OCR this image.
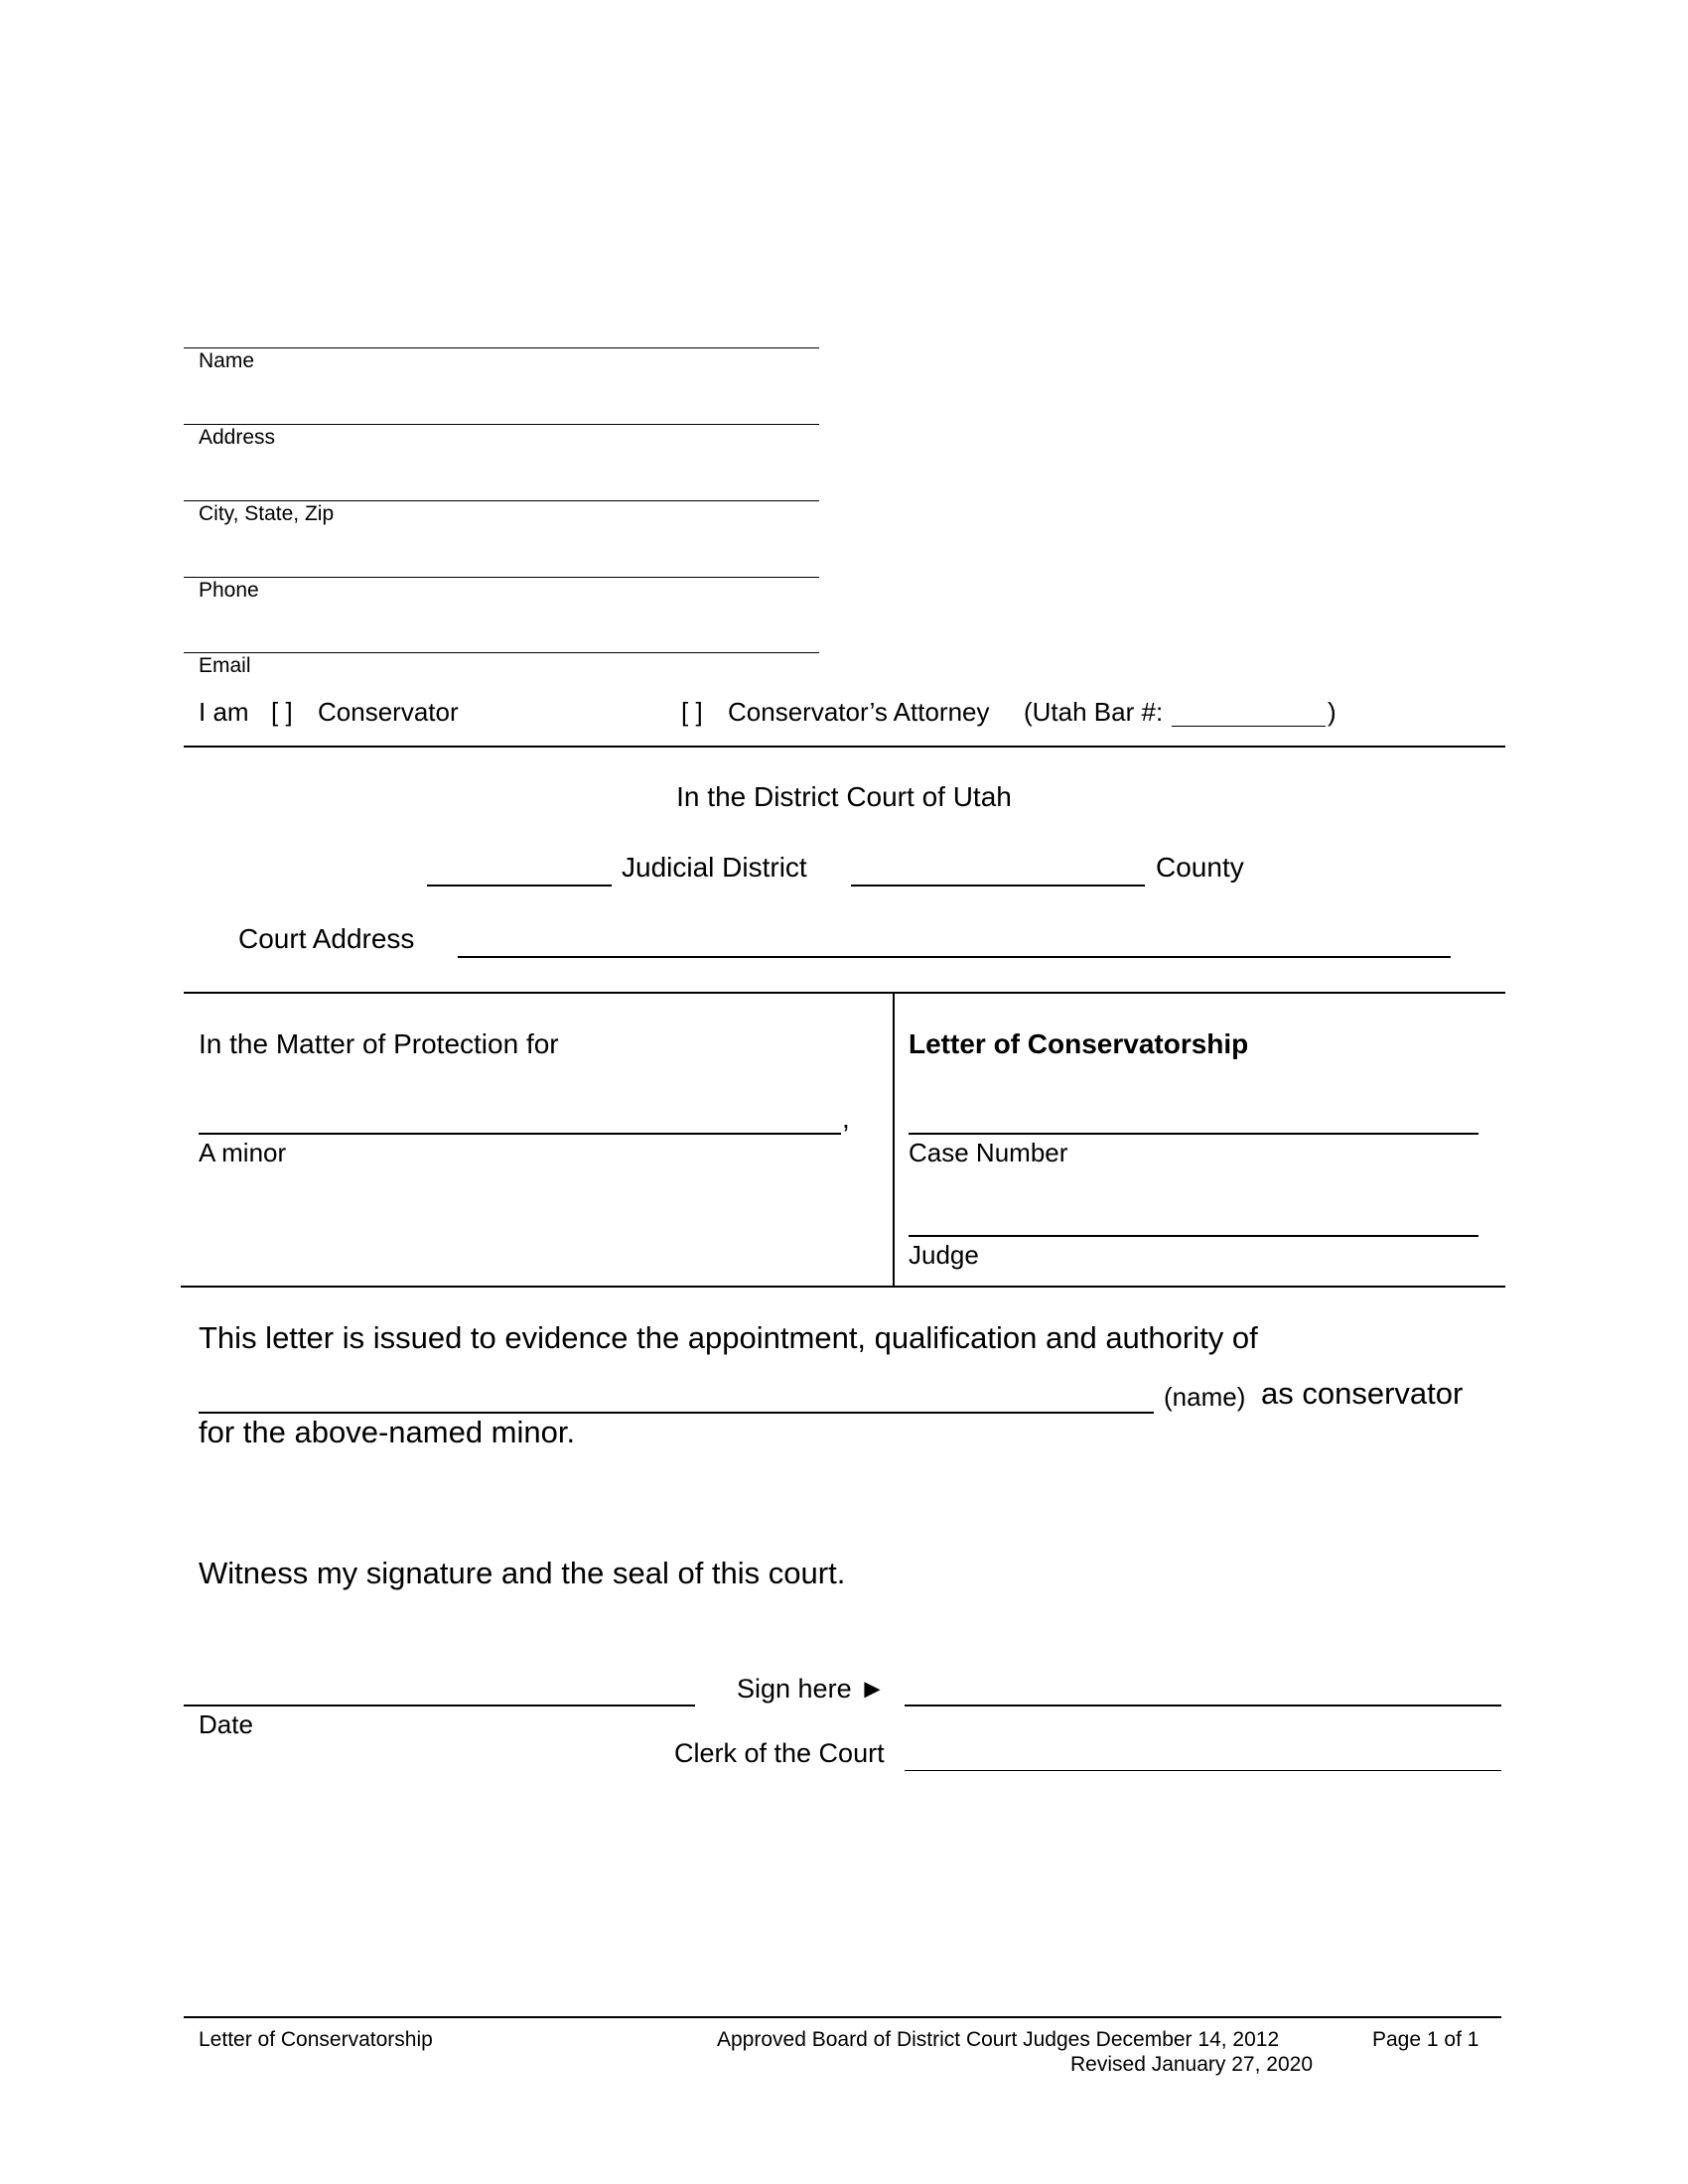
Name
Address
City, State, Zip
Phone
Email
I am [ ] Conservator	[ ] Conservator’s Attorney (Utah Bar #:	)
In the District Court of Utah
Judicial District	County
Court Address
In the Matter of Protection for
,
A minor
Letter of Conservatorship
Case Number
Judge
This letter is issued to evidence the appointment, qualification and authority of
(name) as conservator
for the above-named minor.
Witness my signature and the seal of this court.
Date
Sign here ►
Clerk of the Court
Letter of Conservatorship	Approved Board of District Court Judges December 14, 2012
Revised January 27, 2020
Page 1 of 1
